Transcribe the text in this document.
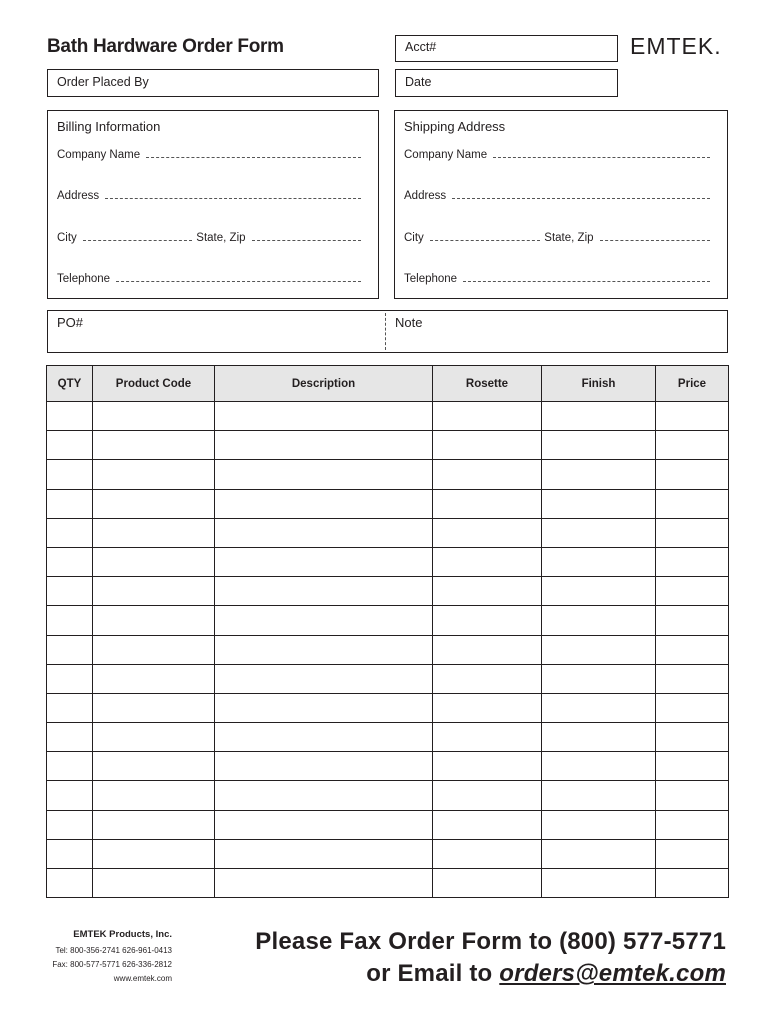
Bath Hardware Order Form	Acct#	EMTEK.
Order Placed By	Date
Billing Information
Company Name
Address
City	State, Zip
Telephone
Shipping Address
Company Name
Address
City	State, Zip
Telephone
PO#	Note
QTY	Product Code	Description	Rosette	Finish	Price

EMTEK Products, Inc.
Tel: 800-356-2741 626-961-0413
Fax: 800-577-5771 626-336-2812
www.emtek.com
Please Fax Order Form to (800) 577-5771
or Email to orders@emtek.com
